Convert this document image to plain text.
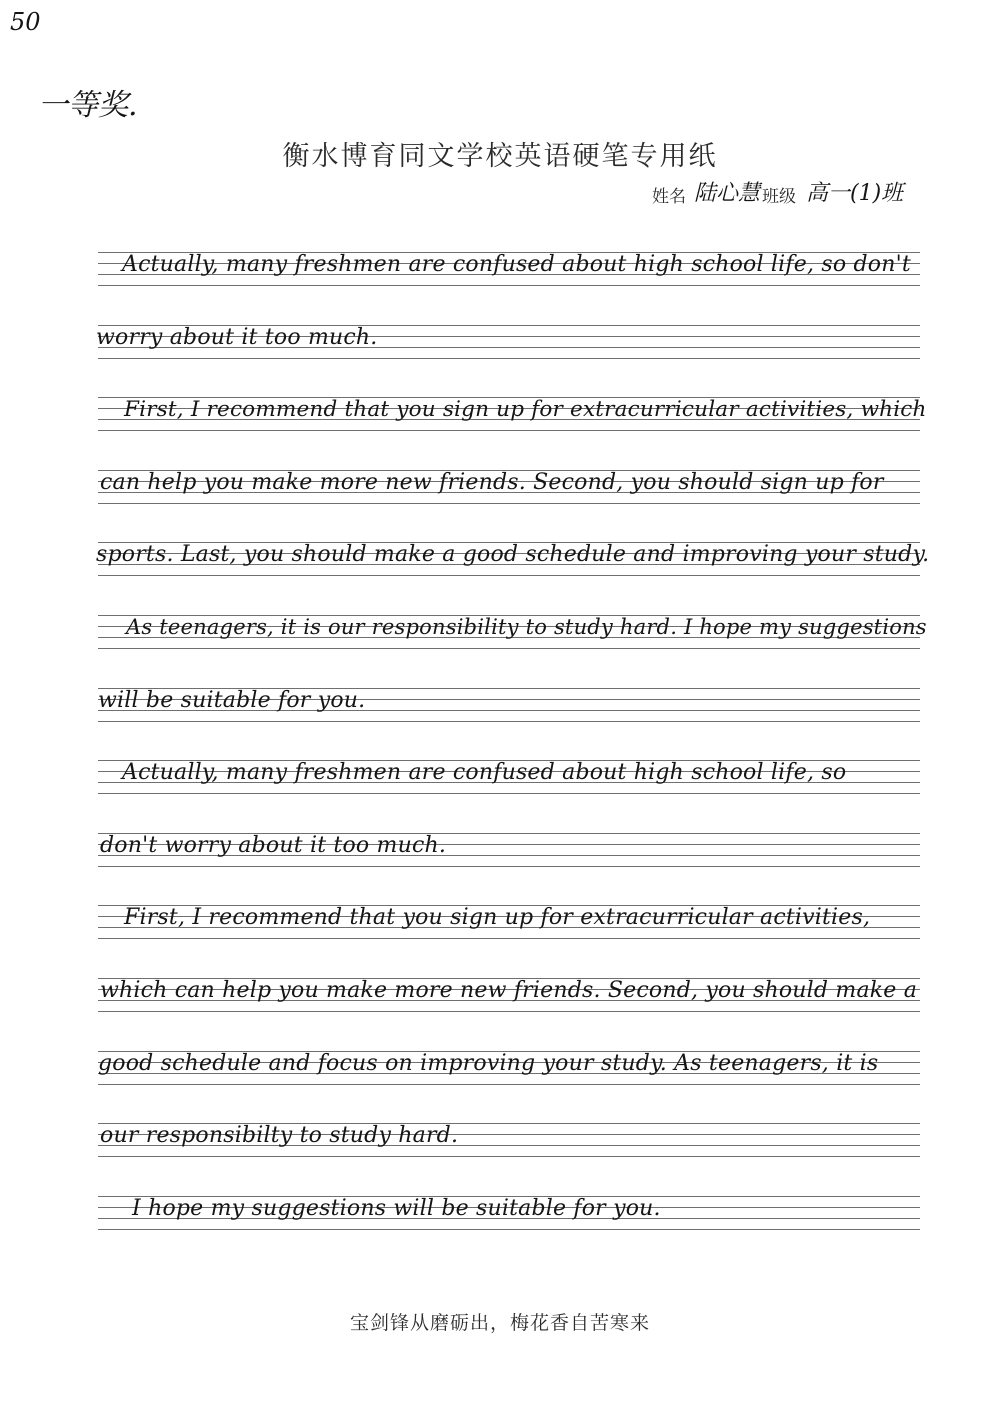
50
一等奖.
衡水博育同文学校英语硬笔专用纸
姓名 陆心慧 班级 高一(1)班
Actually, many freshmen are confused about high school life, so don't
worry about it too much.
First, I recommend that you sign up for extracurricular activities, which
can help you make more new friends. Second, you should sign up for
sports. Last, you should make a good schedule and improving your study.
As teenagers, it is our responsibility to study hard. I hope my suggestions
will be suitable for you.
Actually, many freshmen are confused about high school life, so
don't worry about it too much.
First, I recommend that you sign up for extracurricular activities,
which can help you make more new friends. Second, you should make a
good schedule and focus on improving your study. As teenagers, it is
our responsibilty to study hard.
I hope my suggestions will be suitable for you.
宝剑锋从磨砺出，梅花香自苦寒来
